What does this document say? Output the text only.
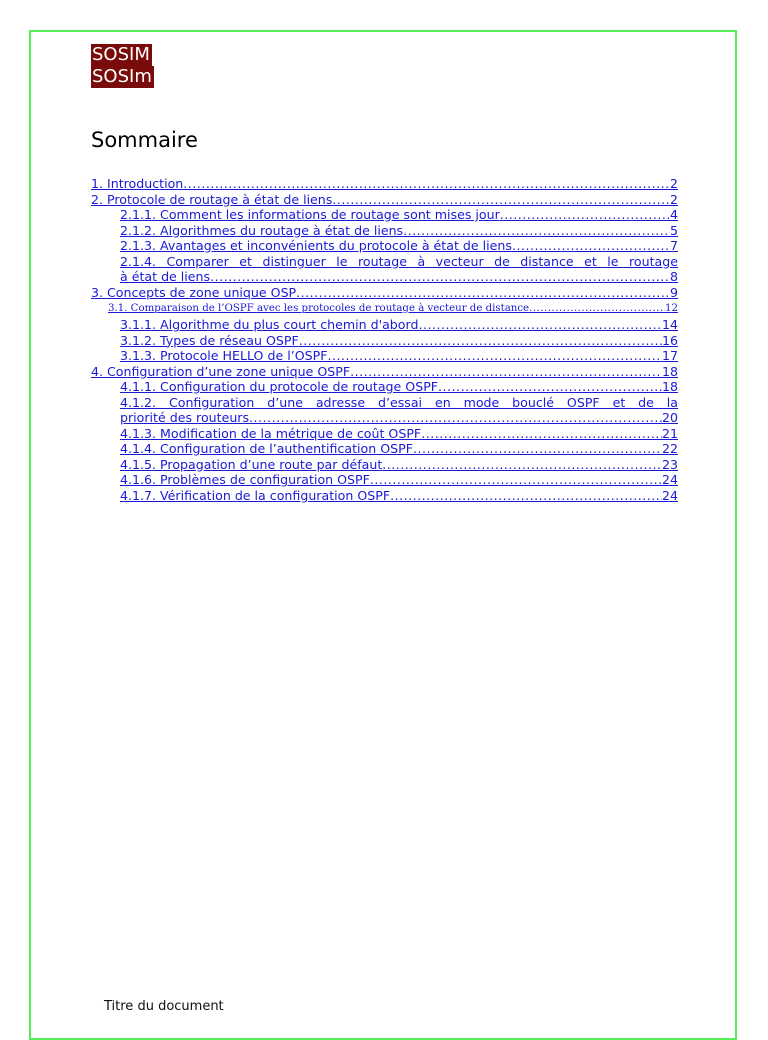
SOSIM
SOSIm
Sommaire
1. Introduction .....	2
2. Protocole de routage à état de liens .....	2
2.1.1. Comment les informations de routage sont mises jour .....	4
2.1.2. Algorithmes du routage à état de liens .....	5
2.1.3. Avantages et inconvénients du protocole à état de liens .....	7
2.1.4. Comparer et distinguer le routage à vecteur de distance et le routage
à état de liens .....	8
3. Concepts de zone unique OSP .....	9
3.1. Comparaison de l’OSPF avec les protocoles de routage à vecteur de distance .....	12
3.1.1. Algorithme du plus court chemin d'abord .....	14
3.1.2. Types de réseau OSPF .....	16
3.1.3. Protocole HELLO de l’OSPF .....	17
4. Configuration d’une zone unique OSPF .....	18
4.1.1. Configuration du protocole de routage OSPF .....	18
4.1.2. Configuration d’une adresse d’essai en mode bouclé OSPF et de la
priorité des routeurs .....	20
4.1.3. Modification de la métrique de coût OSPF .....	21
4.1.4. Configuration de l’authentification OSPF .....	22
4.1.5. Propagation d’une route par défaut .....	23
4.1.6. Problèmes de configuration OSPF .....	24
4.1.7. Vérification de la configuration OSPF .....	24
Titre du document
